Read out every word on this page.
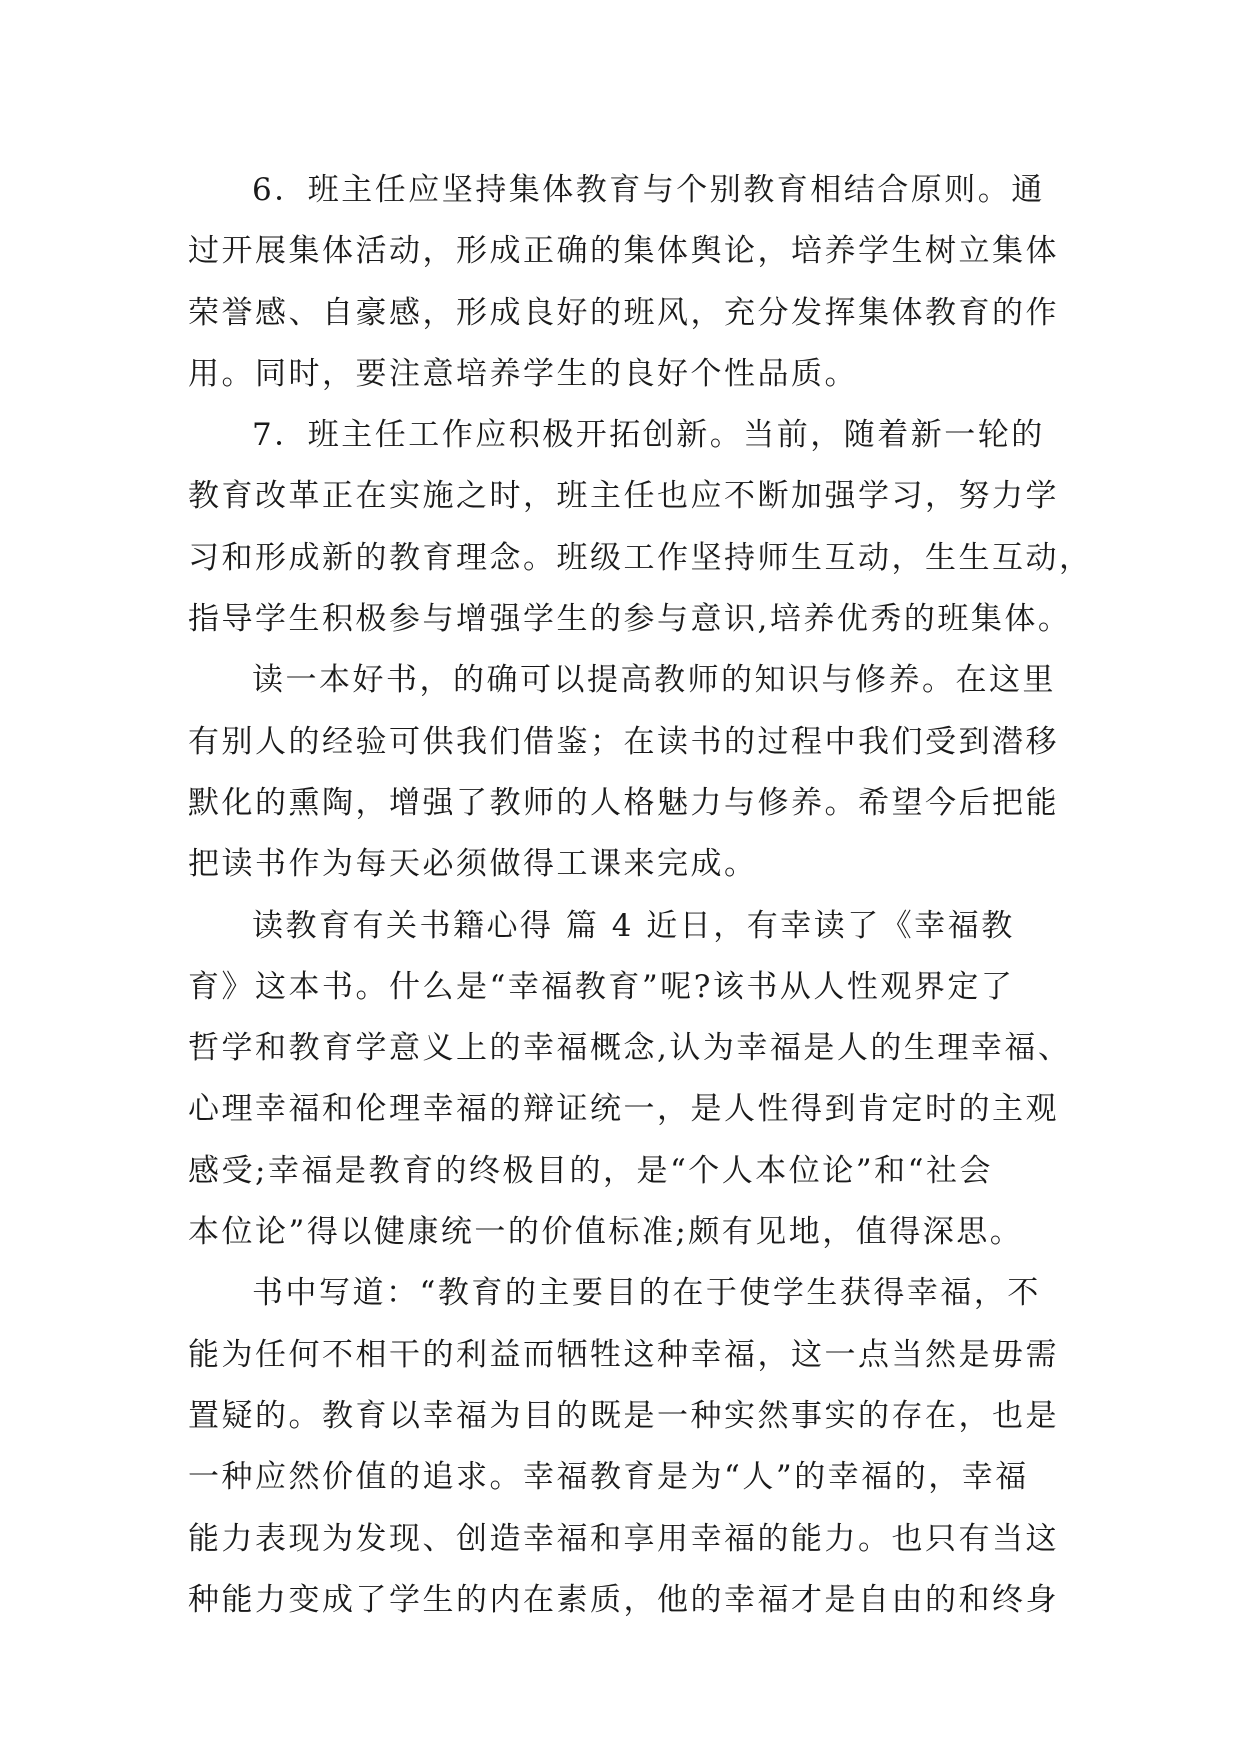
6．班主任应坚持集体教育与个别教育相结合原则。通
过开展集体活动，形成正确的集体舆论，培养学生树立集体
荣誉感、自豪感，形成良好的班风，充分发挥集体教育的作
用。同时，要注意培养学生的良好个性品质。
7．班主任工作应积极开拓创新。当前，随着新一轮的
教育改革正在实施之时，班主任也应不断加强学习，努力学
习和形成新的教育理念。班级工作坚持师生互动，生生互动，
指导学生积极参与增强学生的参与意识,培养优秀的班集体。
读一本好书，的确可以提高教师的知识与修养。在这里
有别人的经验可供我们借鉴；在读书的过程中我们受到潜移
默化的熏陶，增强了教师的人格魅力与修养。希望今后把能
把读书作为每天必须做得工课来完成。
读教育有关书籍心得 篇 4 近日，有幸读了《幸福教
育》这本书。什么是“幸福教育”呢?该书从人性观界定了
哲学和教育学意义上的幸福概念,认为幸福是人的生理幸福、
心理幸福和伦理幸福的辩证统一，是人性得到肯定时的主观
感受;幸福是教育的终极目的，是“个人本位论”和“社会
本位论”得以健康统一的价值标准;颇有见地，值得深思。
书中写道：“教育的主要目的在于使学生获得幸福，不
能为任何不相干的利益而牺牲这种幸福，这一点当然是毋需
置疑的。教育以幸福为目的既是一种实然事实的存在，也是
一种应然价值的追求。幸福教育是为“人”的幸福的，幸福
能力表现为发现、创造幸福和享用幸福的能力。也只有当这
种能力变成了学生的内在素质，他的幸福才是自由的和终身
